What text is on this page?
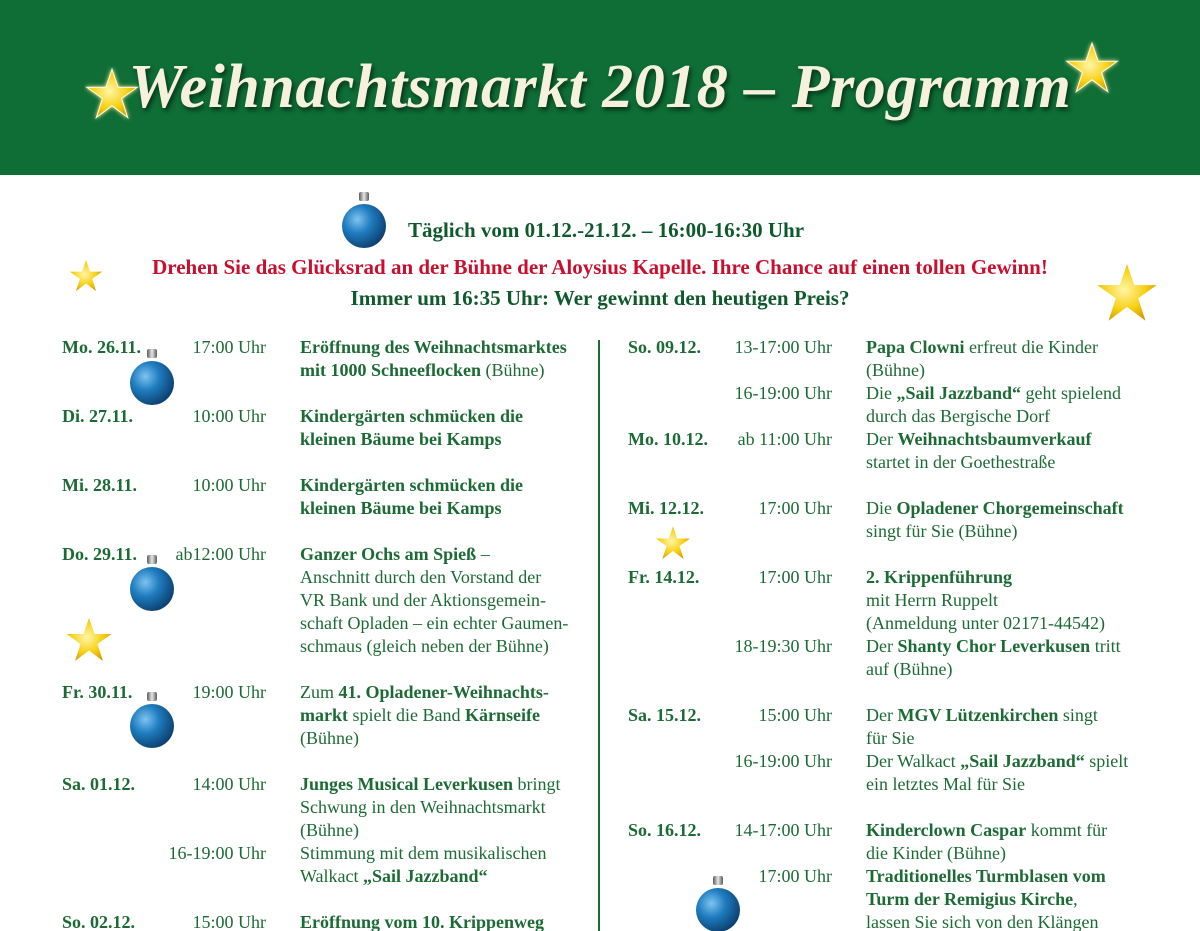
Weihnachtsmarkt 2018 – Programm
Täglich vom 01.12.-21.12. – 16:00-16:30 Uhr
Drehen Sie das Glücksrad an der Bühne der Aloysius Kapelle. Ihre Chance auf einen tollen Gewinn!
Immer um 16:35 Uhr: Wer gewinnt den heutigen Preis?
Mo. 26.11.	17:00 Uhr Eröffnung des Weihnachtsmarktes
mit 1000 Schneeflocken (Bühne)
Di. 27.11.	10:00 Uhr Kindergärten schmücken die
kleinen Bäume bei Kamps
Mi. 28.11.	10:00 Uhr Kindergärten schmücken die
kleinen Bäume bei Kamps
Do. 29.11.	ab12:00 Uhr Ganzer Ochs am Spieß –
Anschnitt durch den Vorstand der
VR Bank und der Aktionsgemein-
schaft Opladen – ein echter Gaumen-
schmaus (gleich neben der Bühne)
Fr. 30.11.	19:00 Uhr Zum 41. Opladener-Weihnachts-
markt spielt die Band Kärnseife
(Bühne)
Sa. 01.12.	14:00 Uhr Junges Musical Leverkusen bringt
Schwung in den Weihnachtsmarkt
(Bühne)
16-19:00 Uhr Stimmung mit dem musikalischen
Walkact „Sail Jazzband“
So. 02.12.	15:00 Uhr Eröffnung vom 10. Krippenweg
So. 09.12.	13-17:00 Uhr Papa Clowni erfreut die Kinder
(Bühne)
16-19:00 Uhr Die „Sail Jazzband“ geht spielend
durch das Bergische Dorf
Mo. 10.12.	ab 11:00 Uhr Der Weihnachtsbaumverkauf
startet in der Goethestraße
Mi. 12.12.	17:00 Uhr Die Opladener Chorgemeinschaft
singt für Sie (Bühne)
Fr. 14.12.	17:00 Uhr 2. Krippenführung
mit Herrn Ruppelt
(Anmeldung unter 02171-44542)
18-19:30 Uhr Der Shanty Chor Leverkusen tritt
auf (Bühne)
Sa. 15.12.	15:00 Uhr Der MGV Lützenkirchen singt
für Sie
16-19:00 Uhr Der Walkact „Sail Jazzband“ spielt
ein letztes Mal für Sie
So. 16.12.	14-17:00 Uhr Kinderclown Caspar kommt für
die Kinder (Bühne)
17:00 Uhr Traditionelles Turmblasen vom
Turm der Remigius Kirche,
lassen Sie sich von den Klängen
